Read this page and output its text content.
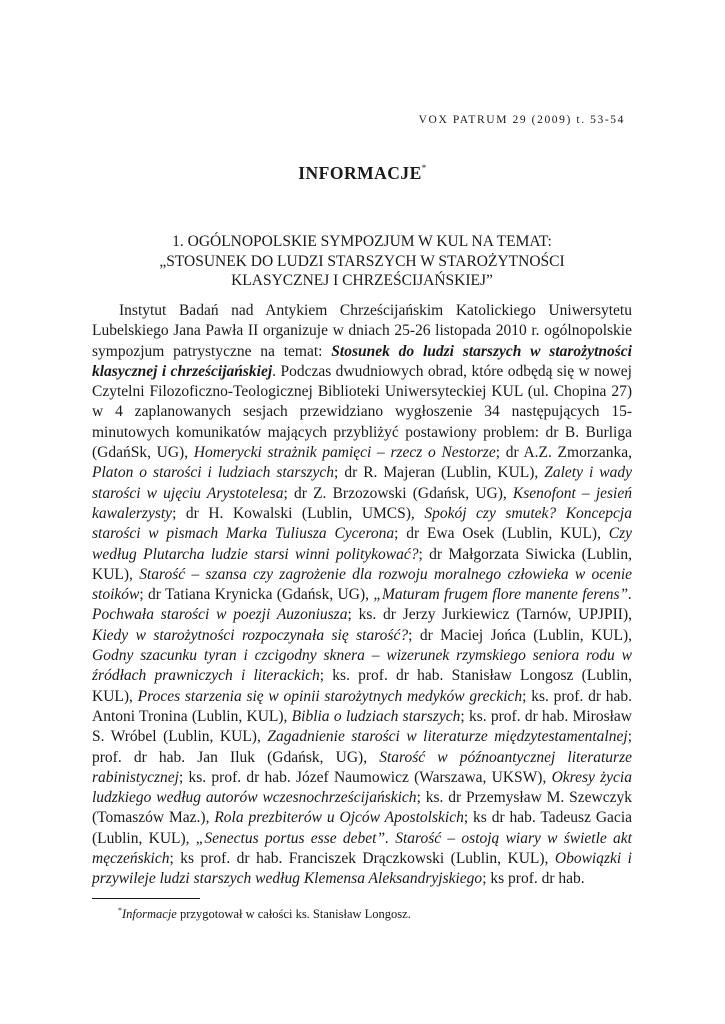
VOX PATRUM 29 (2009) t. 53-54
INFORMACJE*
1. OGÓLNOPOLSKIE SYMPOZJUM W KUL NA TEMAT:
„STOSUNEK DO LUDZI STARSZYCH W STAROŻYTNOŚCI
KLASYCZNEJ I CHRZEŚCIJAŃSKIEJ”

Instytut Badań nad Antykiem Chrześcijańskim Katolickiego Uniwersytetu Lubelskiego Jana Pawła II organizuje w dniach 25-26 listopada 2010 r. ogólnopolskie sympozjum patrystyczne na temat: Stosunek do ludzi starszych w starożytności klasycznej i chrześcijańskiej. Podczas dwudniowych obrad, które odbędą się w nowej Czytelni Filozoficzno-Teologicznej Biblioteki Uniwersyteckiej KUL (ul. Chopina 27) w 4 zaplanowanych sesjach przewidziano wygłoszenie 34 następujących 15-minutowych komunikatów mających przybliżyć postawiony problem: dr B. Burliga (GdańSk, UG), Homerycki strażnik pamięci – rzecz o Nestorze; dr A.Z. Zmorzanka, Platon o starości i ludziach starszych; dr R. Majeran (Lublin, KUL), Zalety i wady starości w ujęciu Arystotelesa; dr Z. Brzozowski (Gdańsk, UG), Ksenofont – jesień kawalerzysty; dr H. Kowalski (Lublin, UMCS), Spokój czy smutek? Koncepcja starości w pismach Marka Tuliusza Cycerona; dr Ewa Osek (Lublin, KUL), Czy według Plutarcha ludzie starsi winni politykować?; dr Małgorzata Siwicka (Lublin, KUL), Starość – szansa czy zagrożenie dla rozwoju moralnego człowieka w ocenie stoików; dr Tatiana Krynicka (Gdańsk, UG), „Maturam frugem flore manente ferens”. Pochwała starości w poezji Auzoniusza; ks. dr Jerzy Jurkiewicz (Tarnów, UPJPII), Kiedy w starożytności rozpoczynała się starość?; dr Maciej Jońca (Lublin, KUL), Godny szacunku tyran i czcigodny sknera – wizerunek rzymskiego seniora rodu w źródłach prawniczych i literackich; ks. prof. dr hab. Stanisław Longosz (Lublin, KUL), Proces starzenia się w opinii starożytnych medyków greckich; ks. prof. dr hab. Antoni Tronina (Lublin, KUL), Biblia o ludziach starszych; ks. prof. dr hab. Mirosław S. Wróbel (Lublin, KUL), Zagadnienie starości w literaturze międzytestamentalnej; prof. dr hab. Jan Iluk (Gdańsk, UG), Starość w późnoantycznej literaturze rabinistycznej; ks. prof. dr hab. Józef Naumowicz (Warszawa, UKSW), Okresy życia ludzkiego według autorów wczesnochrześcijańskich; ks. dr Przemysław M. Szewczyk (Tomaszów Maz.), Rola prezbiterów u Ojców Apostolskich; ks dr hab. Tadeusz Gacia (Lublin, KUL), „Senectus portus esse debet”. Starość – ostoją wiary w świetle akt męczeńskich; ks prof. dr hab. Franciszek Drączkowski (Lublin, KUL), Obowiązki i przywileje ludzi starszych według Klemensa Aleksandryjskiego; ks prof. dr hab.

*Informacje przygotował w całości ks. Stanisław Longosz.
